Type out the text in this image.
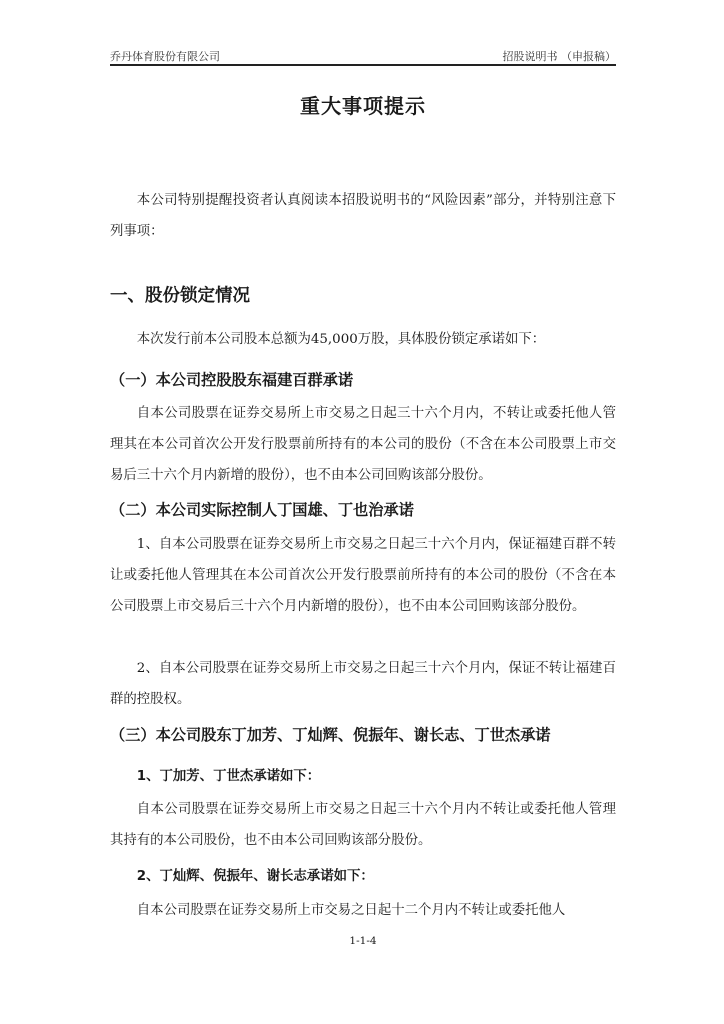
乔丹体育股份有限公司	招股说明书 （申报稿）
重大事项提示

本公司特别提醒投资者认真阅读本招股说明书的“风险因素”部分，并特别注意下列事项：

一、股份锁定情况

本次发行前本公司股本总额为45,000万股，具体股份锁定承诺如下：

（一）本公司控股股东福建百群承诺

自本公司股票在证券交易所上市交易之日起三十六个月内，不转让或委托他人管理其在本公司首次公开发行股票前所持有的本公司的股份（不含在本公司股票上市交易后三十六个月内新增的股份），也不由本公司回购该部分股份。

（二）本公司实际控制人丁国雄、丁也治承诺

1、自本公司股票在证券交易所上市交易之日起三十六个月内，保证福建百群不转让或委托他人管理其在本公司首次公开发行股票前所持有的本公司的股份（不含在本公司股票上市交易后三十六个月内新增的股份），也不由本公司回购该部分股份。

2、自本公司股票在证券交易所上市交易之日起三十六个月内，保证不转让福建百群的控股权。

（三）本公司股东丁加芳、丁灿辉、倪振年、谢长志、丁世杰承诺
1、丁加芳、丁世杰承诺如下：

自本公司股票在证券交易所上市交易之日起三十六个月内不转让或委托他人管理其持有的本公司股份，也不由本公司回购该部分股份。

2、丁灿辉、倪振年、谢长志承诺如下：

自本公司股票在证券交易所上市交易之日起十二个月内不转让或委托他人

1-1-4
